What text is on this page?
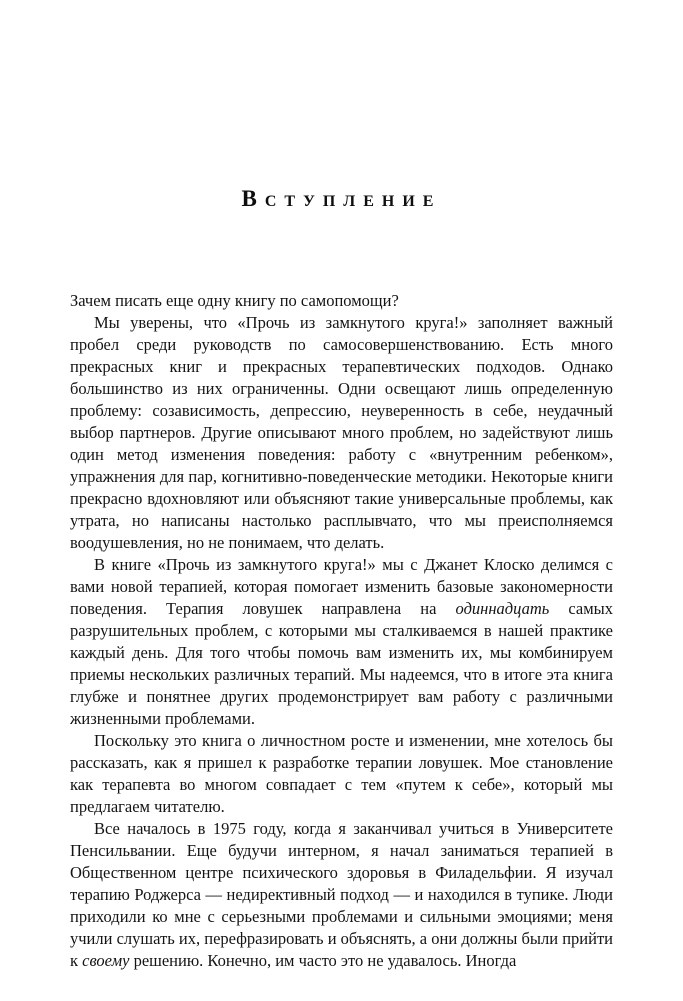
ВСТУПЛЕНИЕ

Зачем писать еще одну книгу по самопомощи?

Мы уверены, что «Прочь из замкнутого круга!» заполняет важный пробел среди руководств по самосовершенствованию. Есть много прекрасных книг и прекрасных терапевтических подходов. Однако большинство из них ограниченны. Одни освещают лишь определенную проблему: созависимость, депрессию, неуверенность в себе, неудачный выбор партнеров. Другие описывают много проблем, но задействуют лишь один метод изменения поведения: работу с «внутренним ребенком», упражнения для пар, когнитивно-поведенческие методики. Некоторые книги прекрасно вдохновляют или объясняют такие универсальные проблемы, как утрата, но написаны настолько расплывчато, что мы преисполняемся воодушевления, но не понимаем, что делать.

В книге «Прочь из замкнутого круга!» мы с Джанет Клоско делимся с вами новой терапией, которая помогает изменить базовые закономерности поведения. Терапия ловушек направлена на одиннадцать самых разрушительных проблем, с которыми мы сталкиваемся в нашей практике каждый день. Для того чтобы помочь вам изменить их, мы комбинируем приемы нескольких различных терапий. Мы надеемся, что в итоге эта книга глубже и понятнее других продемонстрирует вам работу с различными жизненными проблемами.

Поскольку это книга о личностном росте и изменении, мне хотелось бы рассказать, как я пришел к разработке терапии ловушек. Мое становление как терапевта во многом совпадает с тем «путем к себе», который мы предлагаем читателю.

Все началось в 1975 году, когда я заканчивал учиться в Университете Пенсильвании. Еще будучи интерном, я начал заниматься терапией в Общественном центре психического здоровья в Филадельфии. Я изучал терапию Роджерса — недирективный подход — и находился в тупике. Люди приходили ко мне с серьезными проблемами и сильными эмоциями; меня учили слушать их, перефразировать и объяснять, а они должны были прийти к своему решению. Конечно, им часто это не удавалось. Иногда
